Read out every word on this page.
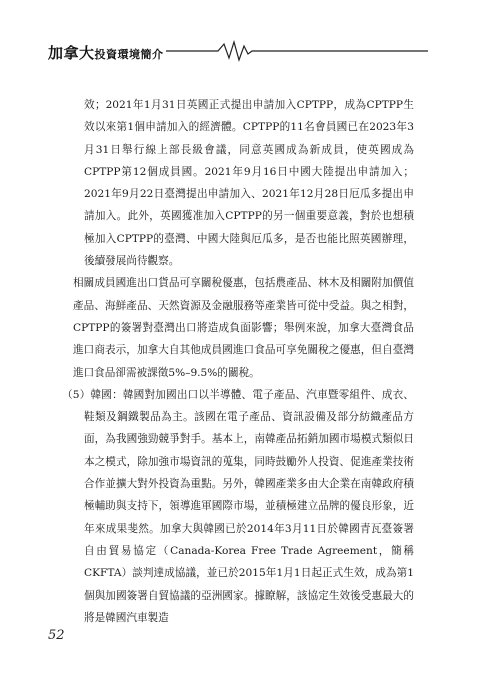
加拿大投資環境簡介

效；2021年1月31日英國正式提出申請加入CPTPP，成為CPTPP生效以來第1個申請加入的經濟體。CPTPP的11名會員國已在2023年3月31日舉行線上部長級會議，同意英國成為新成員，使英國成為CPTPP第12個成員國。2021年9月16日中國大陸提出申請加入；2021年9月22日臺灣提出申請加入、2021年12月28日厄瓜多提出申請加入。此外，英國獲准加入CPTPP的另一個重要意義，對於也想積極加入CPTPP的臺灣、中國大陸與厄瓜多，是否也能比照英國辦理，後續發展尚待觀察。

相關成員國進出口貨品可享關稅優惠，包括農產品、林木及相關附加價值產品、海鮮產品、天然資源及金融服務等產業皆可從中受益。與之相對，CPTPP的簽署對臺灣出口將造成負面影響；舉例來說，加拿大臺灣食品進口商表示，加拿大自其他成員國進口食品可享免關稅之優惠，但自臺灣進口食品卻需被課徵5%–9.5%的關稅。

（5）韓國：韓國對加國出口以半導體、電子產品、汽車暨零組件、成衣、鞋類及鋼鐵製品為主。該國在電子產品、資訊設備及部分紡織產品方面，為我國強勁競爭對手。基本上，南韓產品拓銷加國市場模式類似日本之模式，除加強市場資訊的蒐集，同時鼓勵外人投資、促進產業技術合作並擴大對外投資為重點。另外，韓國產業多由大企業在南韓政府積極輔助與支持下，領導進軍國際市場，並積極建立品牌的優良形象，近年來成果斐然。加拿大與韓國已於2014年3月11日於韓國青瓦臺簽署自由貿易協定（Canada-Korea Free Trade Agreement，簡稱CKFTA）談判達成協議，並已於2015年1月1日起正式生效，成為第1個與加國簽署自貿協議的亞洲國家。據瞭解，該協定生效後受惠最大的將是韓國汽車製造

52
